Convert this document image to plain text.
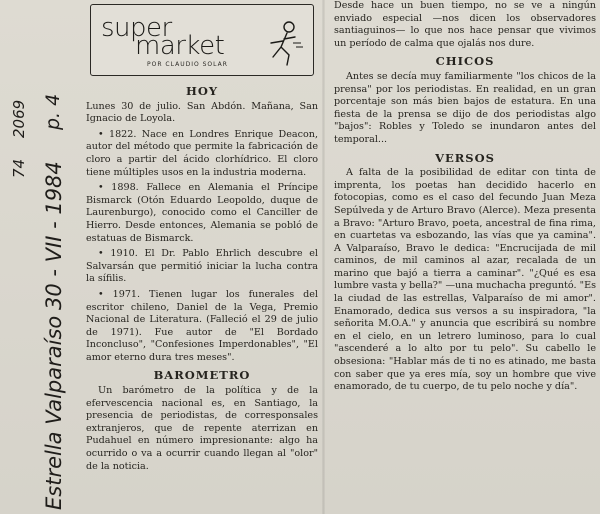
2069
74 30 - VII - 1984
p. 4
Estrella Valparaíso
super
market
POR CLAUDIO SOLAR
HOY

Lunes 30 de julio. San Abdón. Mañana, San Ignacio de Loyola.

• 1822. Nace en Londres Enrique Deacon, autor del método que permite la fabricación de cloro a partir del ácido clorhídrico. El cloro tiene múltiples usos en la industria moderna.

• 1898. Fallece en Alemania el Príncipe Bismarck (Otón Eduardo Leopoldo, duque de Laurenburgo), conocido como el Canciller de Hierro. Desde entonces, Alemania se pobló de estatuas de Bismarck.

• 1910. El Dr. Pablo Ehrlich descubre el Salvarsán que permitió iniciar la lucha contra la sífilis.

• 1971. Tienen lugar los funerales del escritor chileno, Daniel de la Vega, Premio Nacional de Literatura. (Falleció el 29 de julio de 1971). Fue autor de "El Bordado Inconcluso", "Confesiones Imperdonables", "El amor eterno dura tres meses".

BAROMETRO

Un barómetro de la política y de la efervescencia nacional es, en Santiago, la presencia de periodistas, de corresponsales extranjeros, que de repente aterrizan en Pudahuel en número impresionante: algo ha ocurrido o va a ocurrir cuando llegan al "olor" de la noticia.

Desde hace un buen tiempo, no se ve a ningún enviado especial —nos dicen los observadores santiaguinos— lo que nos hace pensar que vivimos un período de calma que ojalás nos dure.

CHICOS

Antes se decía muy familiarmente "los chicos de la prensa" por los periodistas. En realidad, en un gran porcentaje son más bien bajos de estatura. En una fiesta de la prensa se dijo de dos periodistas algo "bajos": Robles y Toledo se inundaron antes del temporal...

VERSOS

A falta de la posibilidad de editar con tinta de imprenta, los poetas han decidido hacerlo en fotocopias, como es el caso del fecundo Juan Meza Sepúlveda y de Arturo Bravo (Alerce). Meza presenta a Bravo: "Arturo Bravo, poeta, ancestral de fina rima, en cuartetas va esbozando, las vías que ya camina". A Valparaíso, Bravo le dedica: "Encrucijada de mil caminos, de mil caminos al azar, recalada de un marino que bajó a tierra a caminar". "¿Qué es esa lumbre vasta y bella?" —una muchacha preguntó. "Es la ciudad de las estrellas, Valparaíso de mi amor". Enamorado, dedica sus versos a su inspiradora, "la señorita M.O.A." y anuncia que escribirá su nombre en el cielo, en un letrero luminoso, para lo cual "ascenderé a lo alto por tu pelo". Su cabello le obsesiona: "Hablar más de ti no es atinado, me basta con saber que ya eres mía, soy un hombre que vive enamorado, de tu cuerpo, de tu pelo noche y día".
